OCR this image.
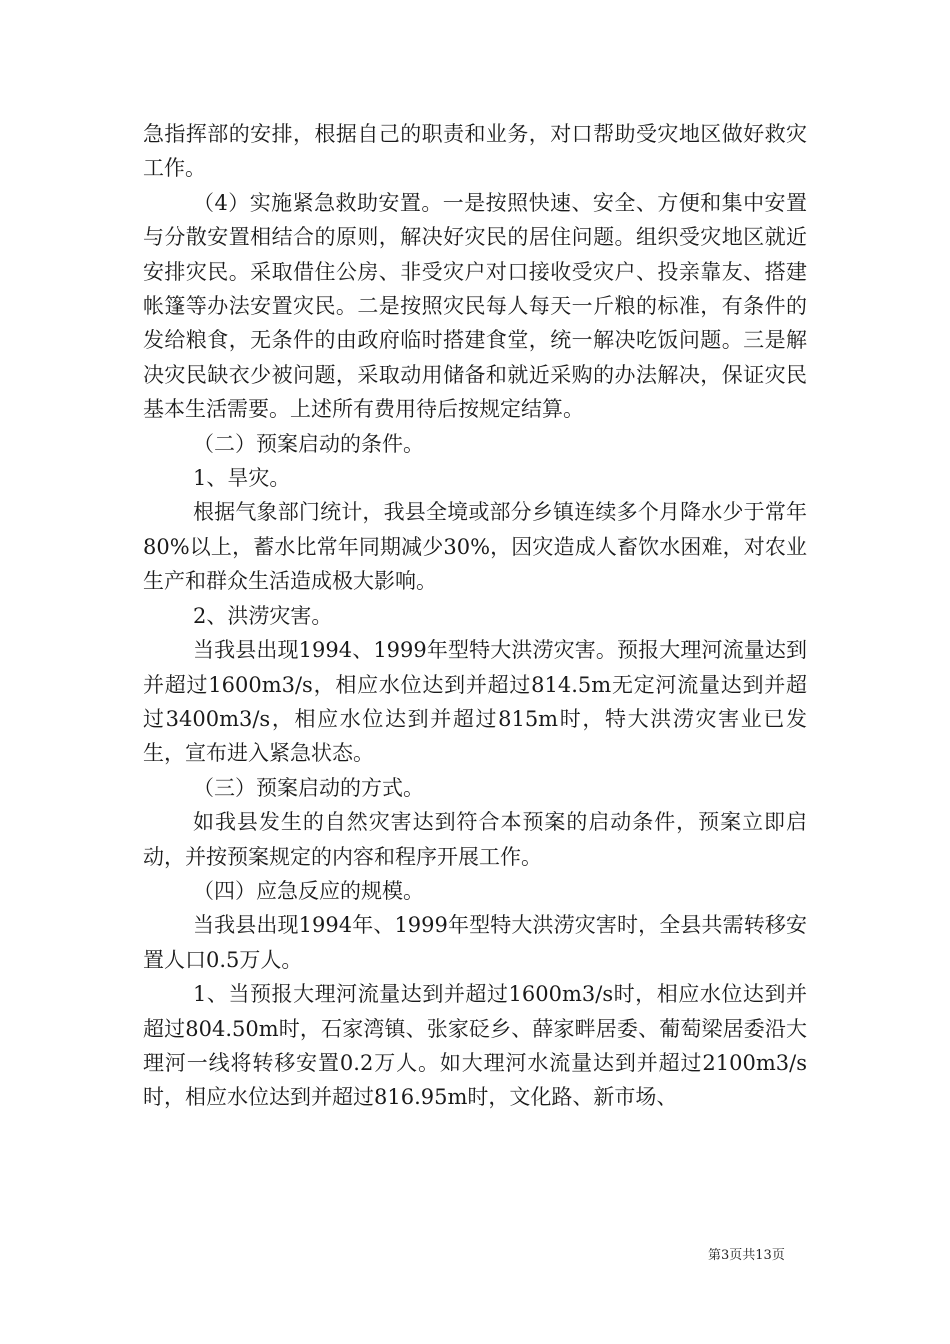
急指挥部的安排，根据自己的职责和业务，对口帮助受灾地区做好救灾工作。

（4）实施紧急救助安置。一是按照快速、安全、方便和集中安置与分散安置相结合的原则，解决好灾民的居住问题。组织受灾地区就近安排灾民。采取借住公房、非受灾户对口接收受灾户、投亲靠友、搭建帐篷等办法安置灾民。二是按照灾民每人每天一斤粮的标准，有条件的发给粮食，无条件的由政府临时搭建食堂，统一解决吃饭问题。三是解决灾民缺衣少被问题，采取动用储备和就近采购的办法解决，保证灾民基本生活需要。上述所有费用待后按规定结算。

（二）预案启动的条件。

1、旱灾。

根据气象部门统计，我县全境或部分乡镇连续多个月降水少于常年80%以上，蓄水比常年同期减少30%，因灾造成人畜饮水困难，对农业生产和群众生活造成极大影响。

2、洪涝灾害。

当我县出现1994、1999年型特大洪涝灾害。预报大理河流量达到并超过1600m3/s，相应水位达到并超过814.5m无定河流量达到并超过3400m3/s，相应水位达到并超过815m时，特大洪涝灾害业已发生，宣布进入紧急状态。

（三）预案启动的方式。

如我县发生的自然灾害达到符合本预案的启动条件，预案立即启动，并按预案规定的内容和程序开展工作。

（四）应急反应的规模。

当我县出现1994年、1999年型特大洪涝灾害时，全县共需转移安置人口0.5万人。

1、当预报大理河流量达到并超过1600m3/s时，相应水位达到并超过804.50m时，石家湾镇、张家砭乡、薛家畔居委、葡萄梁居委沿大理河一线将转移安置0.2万人。如大理河水流量达到并超过2100m3/s时，相应水位达到并超过816.95m时，文化路、新市场、

第3页共13页
